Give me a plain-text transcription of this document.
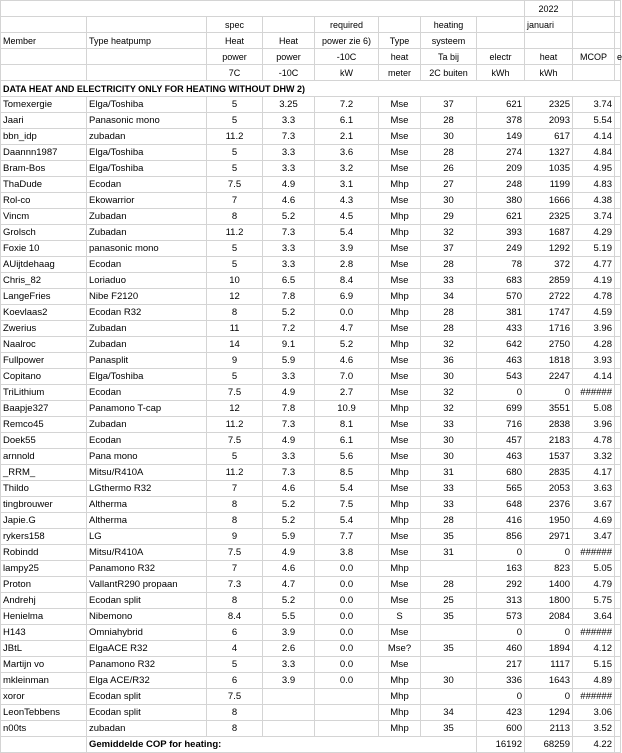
								2022		
		spec		required		heating		januari		
Member	Type heatpump	Heat	Heat	power zie 6)	Type	systeem				
		power	power	-10C	heat	Ta bij	electr	heat	MCOP	e
		7C	-10C	kW	meter	2C buiten	kWh	kWh		
DATA HEAT AND ELECTRICITY ONLY FOR HEATING WITHOUT DHW 2)										
Tomexergie	Elga/Toshiba	5	3.25	7.2	Mse	37	621	2325	3.74	
Jaari	Panasonic mono	5	3.3	6.1	Mse	28	378	2093	5.54	
bbn_idp	zubadan	11.2	7.3	2.1	Mse	30	149	617	4.14	
Daannn1987	Elga/Toshiba	5	3.3	3.6	Mse	28	274	1327	4.84	
Bram-Bos	Elga/Toshiba	5	3.3	3.2	Mse	26	209	1035	4.95	
ThaDude	Ecodan	7.5	4.9	3.1	Mhp	27	248	1199	4.83	
Rol-co	Ekowarrior	7	4.6	4.3	Mse	30	380	1666	4.38	
Vincm	Zubadan	8	5.2	4.5	Mhp	29	621	2325	3.74	
Grolsch	Zubadan	11.2	7.3	5.4	Mhp	32	393	1687	4.29	
Foxie 10	panasonic mono	5	3.3	3.9	Mse	37	249	1292	5.19	
AUijtdehaag	Ecodan	5	3.3	2.8	Mse	28	78	372	4.77	
Chris_82	Loriaduo	10	6.5	8.4	Mse	33	683	2859	4.19	
LangeFries	Nibe F2120	12	7.8	6.9	Mhp	34	570	2722	4.78	
Koevlaas2	Ecodan R32	8	5.2	0.0	Mhp	28	381	1747	4.59	
Zwerius	Zubadan	11	7.2	4.7	Mse	28	433	1716	3.96	
Naalroc	Zubadan	14	9.1	5.2	Mhp	32	642	2750	4.28	
Fullpower	Panasplit	9	5.9	4.6	Mse	36	463	1818	3.93	
Copitano	Elga/Toshiba	5	3.3	7.0	Mse	30	543	2247	4.14	
TriLithium	Ecodan	7.5	4.9	2.7	Mse	32	0	0	######	
Baapje327	Panamono T-cap	12	7.8	10.9	Mhp	32	699	3551	5.08	
Remco45	Zubadan	11.2	7.3	8.1	Mse	33	716	2838	3.96	
Doek55	Ecodan	7.5	4.9	6.1	Mse	30	457	2183	4.78	
arnnold	Pana mono	5	3.3	5.6	Mse	30	463	1537	3.32	
_RRM_	Mitsu/R410A	11.2	7.3	8.5	Mhp	31	680	2835	4.17	
Thildo	LGthermo R32	7	4.6	5.4	Mse	33	565	2053	3.63	
tingbrouwer	Altherma	8	5.2	7.5	Mhp	33	648	2376	3.67	
Japie.G	Altherma	8	5.2	5.4	Mhp	28	416	1950	4.69	
rykers158	LG	9	5.9	7.7	Mse	35	856	2971	3.47	
Robindd	Mitsu/R410A	7.5	4.9	3.8	Mse	31	0	0	######	
lampy25	Panamono R32	7	4.6	0.0	Mhp		163	823	5.05	
Proton	VallantR290 propaan	7.3	4.7	0.0	Mse	28	292	1400	4.79	
Andrehj	Ecodan split	8	5.2	0.0	Mse	25	313	1800	5.75	
Henielma	Nibemono	8.4	5.5	0.0	S	35	573	2084	3.64	
H143	Omniahybrid	6	3.9	0.0	Mse		0	0	######	
JBtL	ElgaACE R32	4	2.6	0.0	Mse?	35	460	1894	4.12	
Martijn vo	Panamono R32	5	3.3	0.0	Mse		217	1117	5.15	
mkleinman	Elga ACE/R32	6	3.9	0.0	Mhp	30	336	1643	4.89	
xoror	Ecodan split	7.5			Mhp		0	0	######	
LeonTebbens	Ecodan split	8			Mhp	34	423	1294	3.06	
n00ts	zubadan	8			Mhp	35	600	2113	3.52	
	Gemiddelde COP for heating:						16192	68259	4.22	
